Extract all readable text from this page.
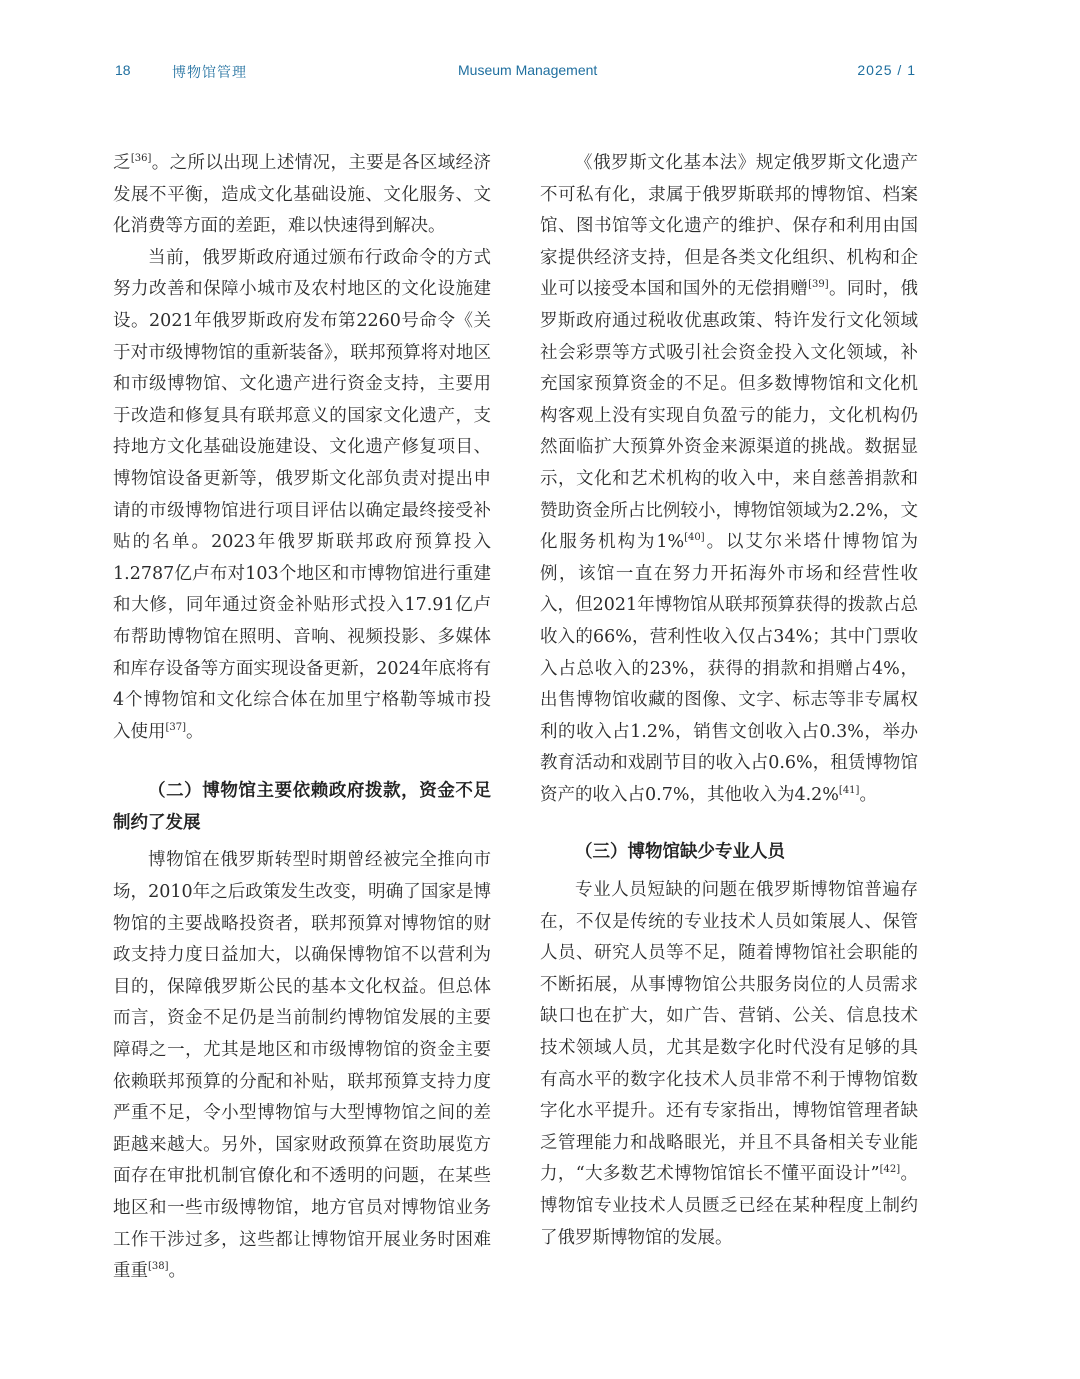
18	博物馆管理	Museum Management	2025 / 1

乏[36]。之所以出现上述情况，主要是各区域经济发展不平衡，造成文化基础设施、文化服务、文化消费等方面的差距，难以快速得到解决。

当前，俄罗斯政府通过颁布行政命令的方式努力改善和保障小城市及农村地区的文化设施建设。2021年俄罗斯政府发布第2260号命令《关于对市级博物馆的重新装备》，联邦预算将对地区和市级博物馆、文化遗产进行资金支持，主要用于改造和修复具有联邦意义的国家文化遗产，支持地方文化基础设施建设、文化遗产修复项目、博物馆设备更新等，俄罗斯文化部负责对提出申请的市级博物馆进行项目评估以确定最终接受补贴的名单。2023年俄罗斯联邦政府预算投入1.2787亿卢布对103个地区和市博物馆进行重建和大修，同年通过资金补贴形式投入17.91亿卢布帮助博物馆在照明、音响、视频投影、多媒体和库存设备等方面实现设备更新，2024年底将有4个博物馆和文化综合体在加里宁格勒等城市投入使用[37]。

（二）博物馆主要依赖政府拨款，资金不足制约了发展

博物馆在俄罗斯转型时期曾经被完全推向市场，2010年之后政策发生改变，明确了国家是博物馆的主要战略投资者，联邦预算对博物馆的财政支持力度日益加大，以确保博物馆不以营利为目的，保障俄罗斯公民的基本文化权益。但总体而言，资金不足仍是当前制约博物馆发展的主要障碍之一，尤其是地区和市级博物馆的资金主要依赖联邦预算的分配和补贴，联邦预算支持力度严重不足，令小型博物馆与大型博物馆之间的差距越来越大。另外，国家财政预算在资助展览方面存在审批机制官僚化和不透明的问题，在某些地区和一些市级博物馆，地方官员对博物馆业务工作干涉过多，这些都让博物馆开展业务时困难重重[38]。

《俄罗斯文化基本法》规定俄罗斯文化遗产不可私有化，隶属于俄罗斯联邦的博物馆、档案馆、图书馆等文化遗产的维护、保存和利用由国家提供经济支持，但是各类文化组织、机构和企业可以接受本国和国外的无偿捐赠[39]。同时，俄罗斯政府通过税收优惠政策、特许发行文化领域社会彩票等方式吸引社会资金投入文化领域，补充国家预算资金的不足。但多数博物馆和文化机构客观上没有实现自负盈亏的能力，文化机构仍然面临扩大预算外资金来源渠道的挑战。数据显示，文化和艺术机构的收入中，来自慈善捐款和赞助资金所占比例较小，博物馆领域为2.2%，文化服务机构为1%[40]。以艾尔米塔什博物馆为例，该馆一直在努力开拓海外市场和经营性收入，但2021年博物馆从联邦预算获得的拨款占总收入的66%，营利性收入仅占34%；其中门票收入占总收入的23%，获得的捐款和捐赠占4%，出售博物馆收藏的图像、文字、标志等非专属权利的收入占1.2%，销售文创收入占0.3%，举办教育活动和戏剧节目的收入占0.6%，租赁博物馆资产的收入占0.7%，其他收入为4.2%[41]。

（三）博物馆缺少专业人员

专业人员短缺的问题在俄罗斯博物馆普遍存在，不仅是传统的专业技术人员如策展人、保管人员、研究人员等不足，随着博物馆社会职能的不断拓展，从事博物馆公共服务岗位的人员需求缺口也在扩大，如广告、营销、公关、信息技术技术领域人员，尤其是数字化时代没有足够的具有高水平的数字化技术人员非常不利于博物馆数字化水平提升。还有专家指出，博物馆管理者缺乏管理能力和战略眼光，并且不具备相关专业能力，“大多数艺术博物馆馆长不懂平面设计”[42]。博物馆专业技术人员匮乏已经在某种程度上制约了俄罗斯博物馆的发展。
